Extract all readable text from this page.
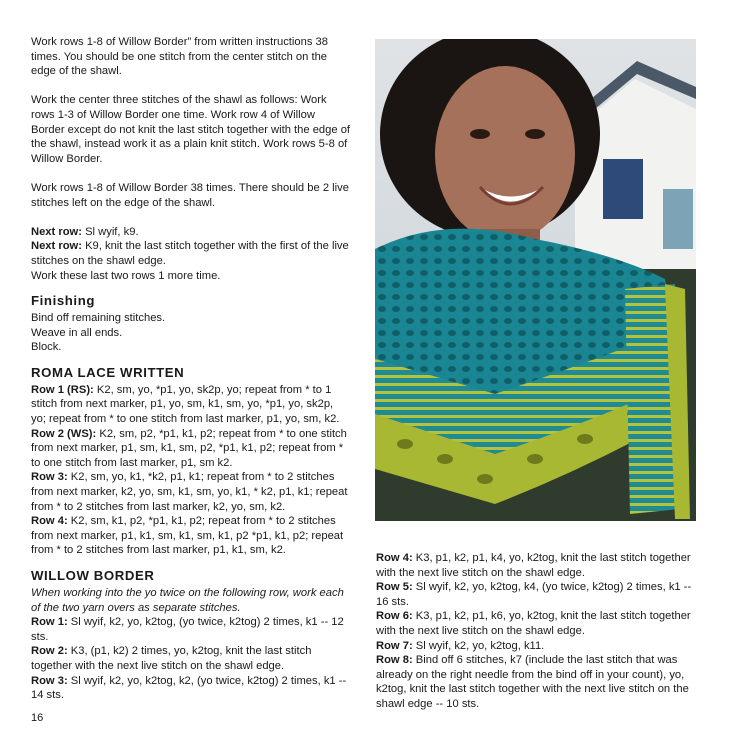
Work rows 1-8 of Willow Border” from written instructions 38 times. You should be one stitch from the center stitch on the edge of the shawl.

Work the center three stitches of the shawl as follows: Work rows 1-3 of Willow Border one time. Work row 4 of Willow Border except do not knit the last stitch together with the edge of the shawl, instead work it as a plain knit stitch. Work rows 5-8 of Willow Border.

Work rows 1-8 of Willow Border 38 times. There should be 2 live stitches left on the edge of the shawl.

Next row: Sl wyif, k9.

Next row: K9, knit the last stitch together with the first of the live stitches on the shawl edge.

Work these last two rows 1 more time.

Finishing

Bind off remaining stitches.

Weave in all ends.

Block.

ROMA LACE WRITTEN

Row 1 (RS): K2, sm, yo, *p1, yo, sk2p, yo; repeat from * to 1 stitch from next marker, p1, yo, sm, k1, sm, yo, *p1, yo, sk2p, yo; repeat from * to one stitch from last marker, p1, yo, sm, k2.

Row 2 (WS): K2, sm, p2, *p1, k1, p2; repeat from * to one stitch from next marker, p1, sm, k1, sm, p2, *p1, k1, p2; repeat from * to one stitch from last marker, p1, sm k2.

Row 3: K2, sm, yo, k1, *k2, p1, k1; repeat from * to 2 stitches from next marker, k2, yo, sm, k1, sm, yo, k1, * k2, p1, k1; repeat from * to 2 stitches from last marker, k2, yo, sm, k2.

Row 4: K2, sm, k1, p2, *p1, k1, p2; repeat from * to 2 stitches from next marker, p1, k1, sm, k1, sm, k1, p2 *p1, k1, p2; repeat from * to 2 stitches from last marker, p1, k1, sm, k2.

WILLOW BORDER

When working into the yo twice on the following row, work each of the two yarn overs as separate stitches.

Row 1: Sl wyif, k2, yo, k2tog, (yo twice, k2tog) 2 times, k1 -- 12 sts.

Row 2: K3, (p1, k2) 2 times, yo, k2tog, knit the last stitch together with the next live stitch on the shawl edge.

Row 3: Sl wyif, k2, yo, k2tog, k2, (yo twice, k2tog) 2 times, k1 -- 14 sts.

Row 4: K3, p1, k2, p1, k4, yo, k2tog, knit the last stitch together with the next live stitch on the shawl edge.

Row 5: Sl wyif, k2, yo, k2tog, k4, (yo twice, k2tog) 2 times, k1 -- 16 sts.

Row 6: K3, p1, k2, p1, k6, yo, k2tog, knit the last stitch together with the next live stitch on the shawl edge.

Row 7: Sl wyif, k2, yo, k2tog, k11.

Row 8: Bind off 6 stitches, k7 (include the last stitch that was already on the right needle from the bind off in your count), yo, k2tog, knit the last stitch together with the next live stitch on the shawl edge -- 10 sts.

16
